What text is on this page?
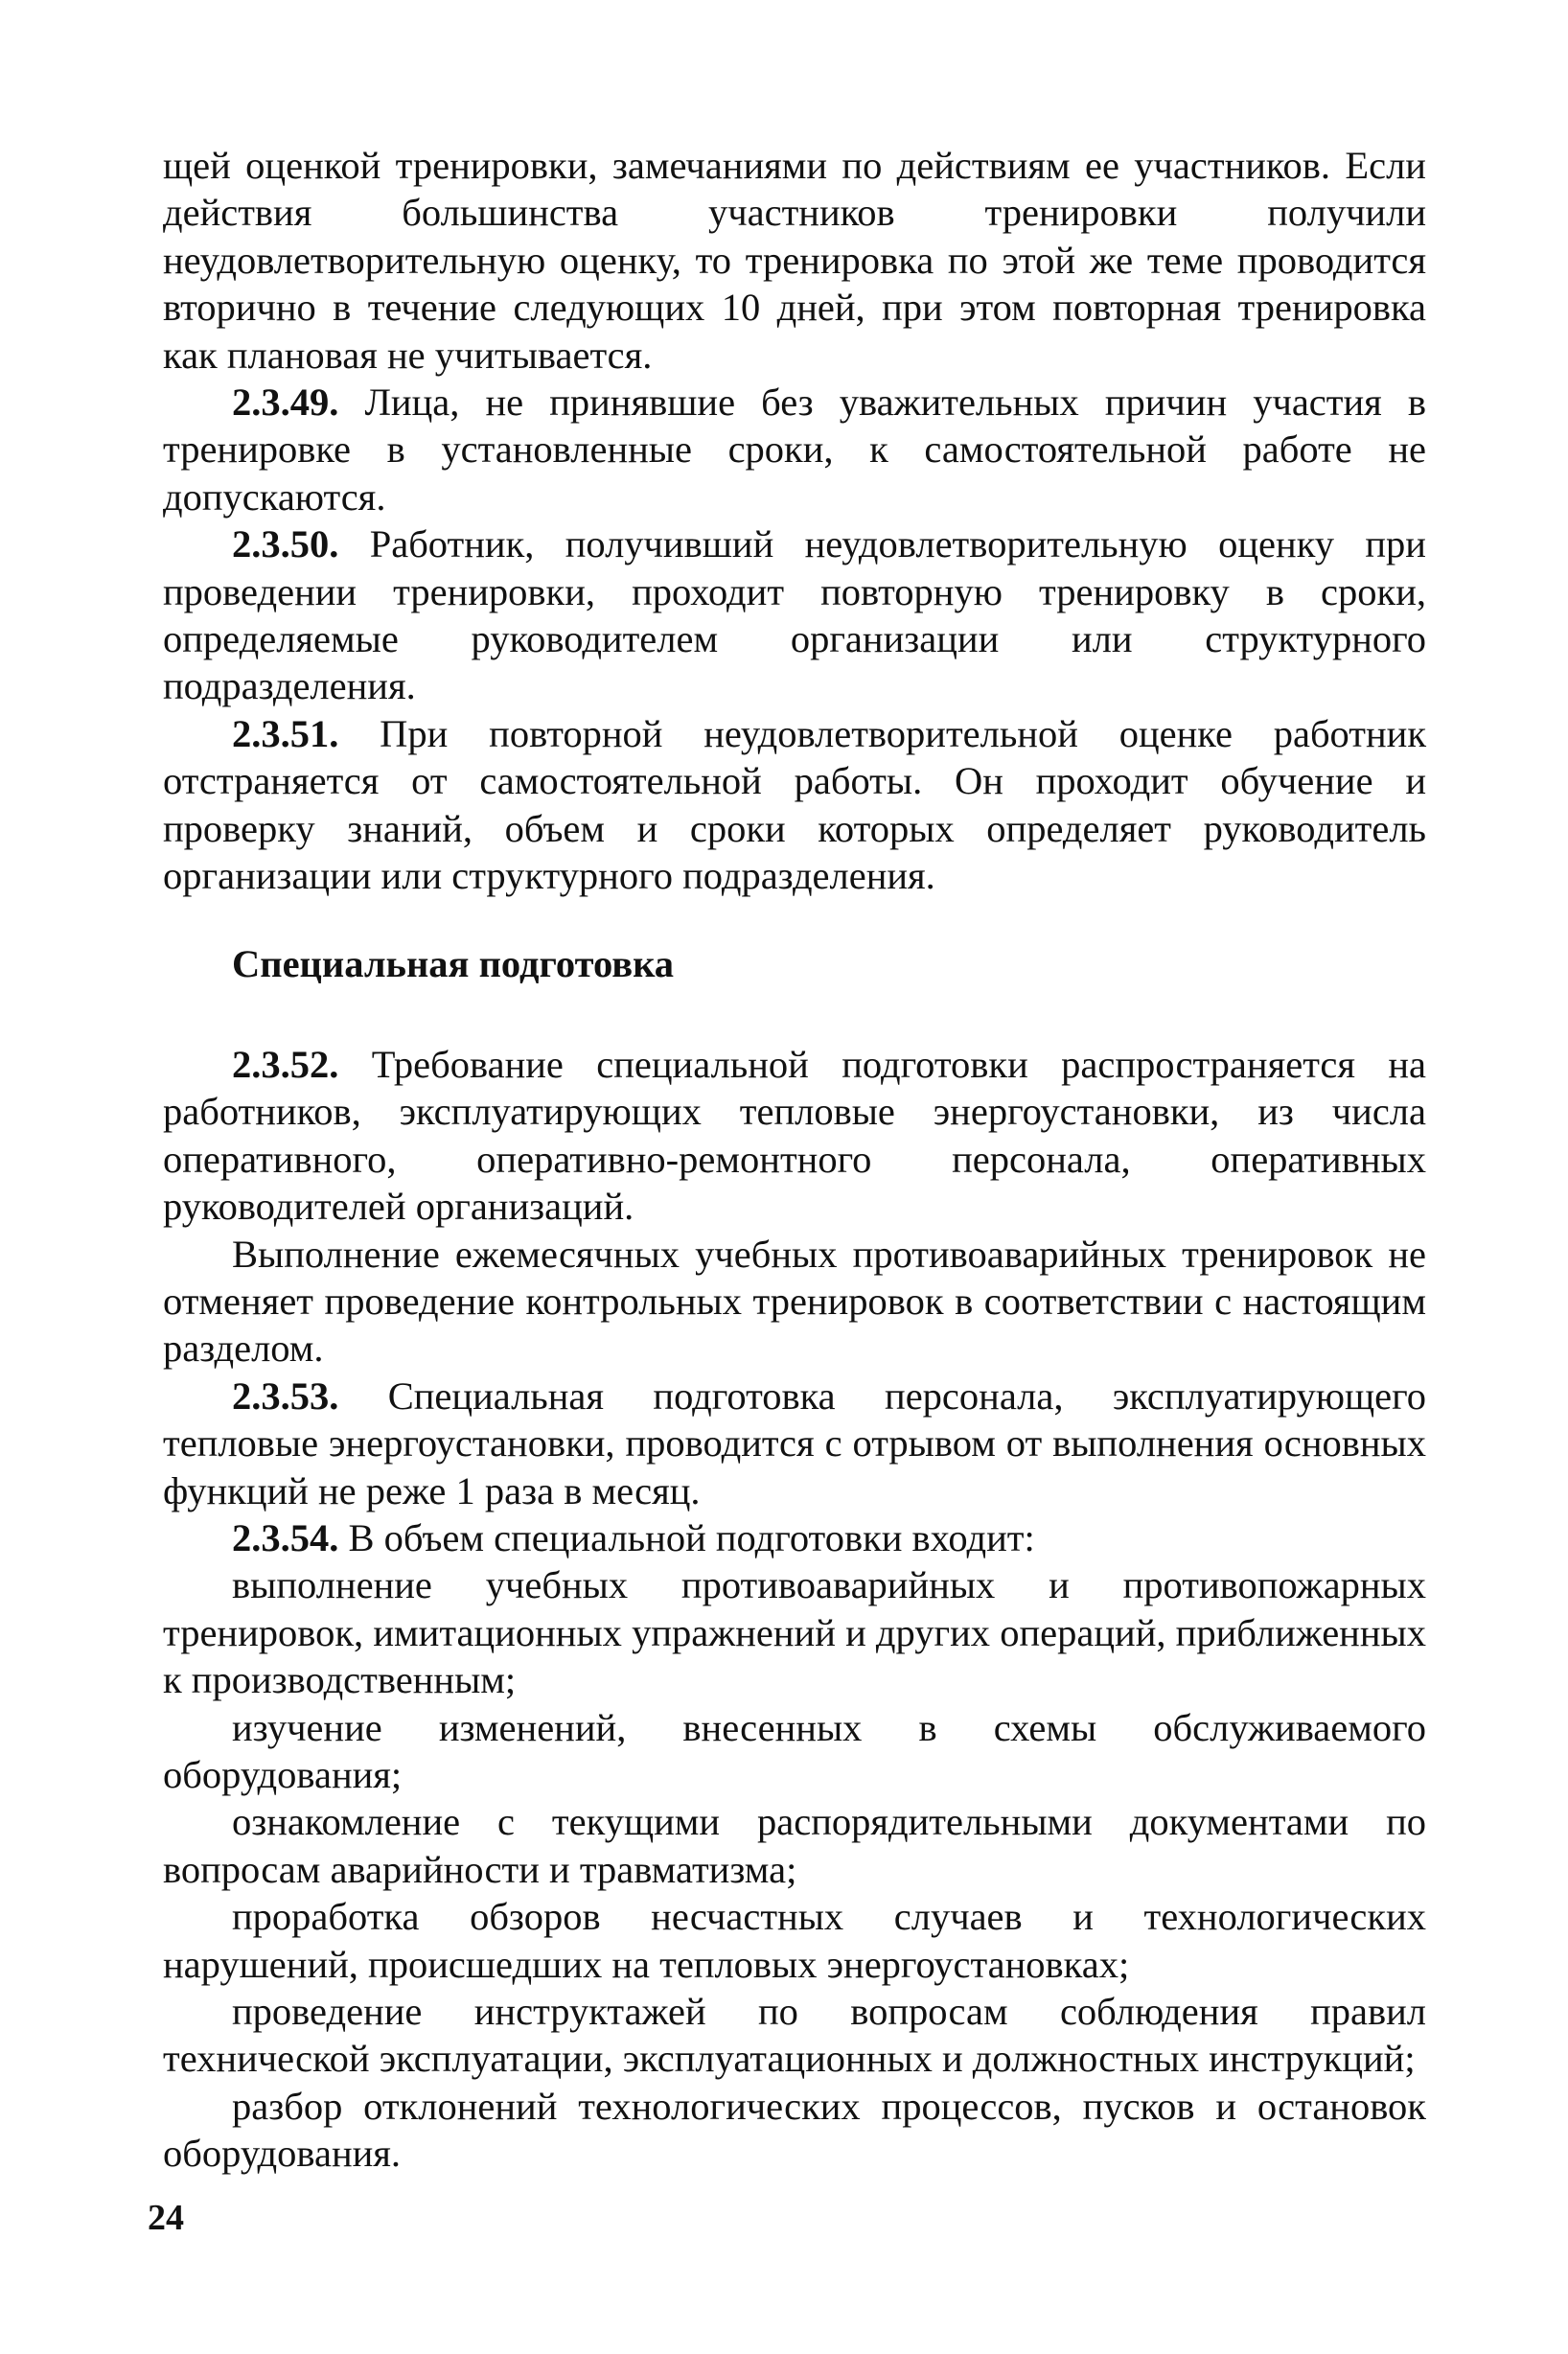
щей оценкой тренировки, замечаниями по действиям ее участников. Если действия большинства участников тренировки получили неудовлетворительную оценку, то тренировка по этой же теме проводится вторично в течение следующих 10 дней, при этом повторная тренировка как плановая не учитывается.

2.3.49. Лица, не принявшие без уважительных причин участия в тренировке в установленные сроки, к самостоятельной работе не допускаются.

2.3.50. Работник, получивший неудовлетворительную оценку при проведении тренировки, проходит повторную тренировку в сроки, определяемые руководителем организации или структурного подразделения.

2.3.51. При повторной неудовлетворительной оценке работник отстраняется от самостоятельной работы. Он проходит обучение и проверку знаний, объем и сроки которых определяет руководитель организации или структурного подразделения.

Специальная подготовка

2.3.52. Требование специальной подготовки распространяется на работников, эксплуатирующих тепловые энергоустановки, из числа оперативного, оперативно-ремонтного персонала, оперативных руководителей организаций.

Выполнение ежемесячных учебных противоаварийных тренировок не отменяет проведение контрольных тренировок в соответствии с настоящим разделом.

2.3.53. Специальная подготовка персонала, эксплуатирующего тепловые энергоустановки, проводится с отрывом от выполнения основных функций не реже 1 раза в месяц.

2.3.54. В объем специальной подготовки входит:

выполнение учебных противоаварийных и противопожарных тренировок, имитационных упражнений и других операций, приближенных к производственным;

изучение изменений, внесенных в схемы обслуживаемого оборудования;

ознакомление с текущими распорядительными документами по вопросам аварийности и травматизма;

проработка обзоров несчастных случаев и технологических нарушений, происшедших на тепловых энергоустановках;

проведение инструктажей по вопросам соблюдения правил технической эксплуатации, эксплуатационных и должностных инструкций;

разбор отклонений технологических процессов, пусков и остановок оборудования.

24
